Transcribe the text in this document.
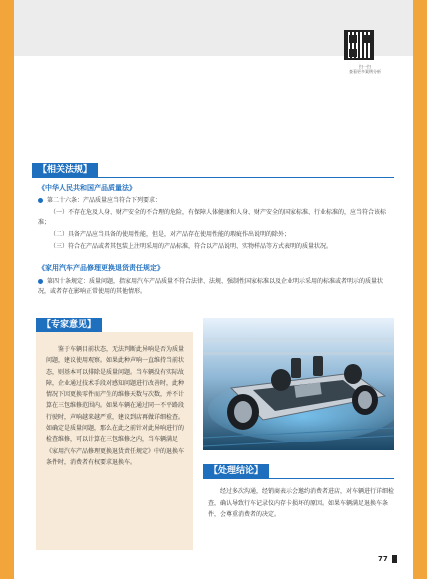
扫一扫
查看更多案例分析
【相关法规】
《中华人民共和国产品质量法》
第二十六条：产品质量应当符合下列要求：
（一）不存在危及人身、财产安全的不合理的危险，有保障人体健康和人身、财产安全的国家标准、行业标准的，应当符合该标准；
（二）具备产品应当具备的使用性能，但是，对产品存在使用性能的瑕疵作出说明的除外；
（三）符合在产品或者其包装上注明采用的产品标准，符合以产品说明、实物样品等方式表明的质量状况。
《家用汽车产品修理更换退货责任规定》
第四十条规定：质量问题，指家用汽车产品质量不符合法律、法规、强制性国家标准以及企业明示采用的标准或者明示的质量状况，或者存在影响正常使用的其他情形。
【专家意见】
鉴于车辆目前状态，无法判断此异响是否为质量问题，建议使用观察。如果此种声响一直维持当前状态，则基本可以排除是质量问题。当车辆没有实际故障，企业通过技术手段对感知问题进行改善时，此种情况下因更换零件而产生的维修天数与次数，并不计算在三包维修范围内。如果车辆在通过同一不平路段行驶时，声响越来越严重，建议到店再做详细检查。如确定是质量问题，那么在此之前针对此异响进行的检查维修，可以计算在三包维修之内，当车辆满足《家用汽车产品修理更换退货责任规定》中的退换车条件时，消费者有权要求退换车。
【处理结论】
经过多次沟通，经销商表示会邀约消费者进店，对车辆进行详细检查，确认导致行车记录仪内存卡损坏的原因。如果车辆满足退换车条件，会尊重消费者的决定。
77
